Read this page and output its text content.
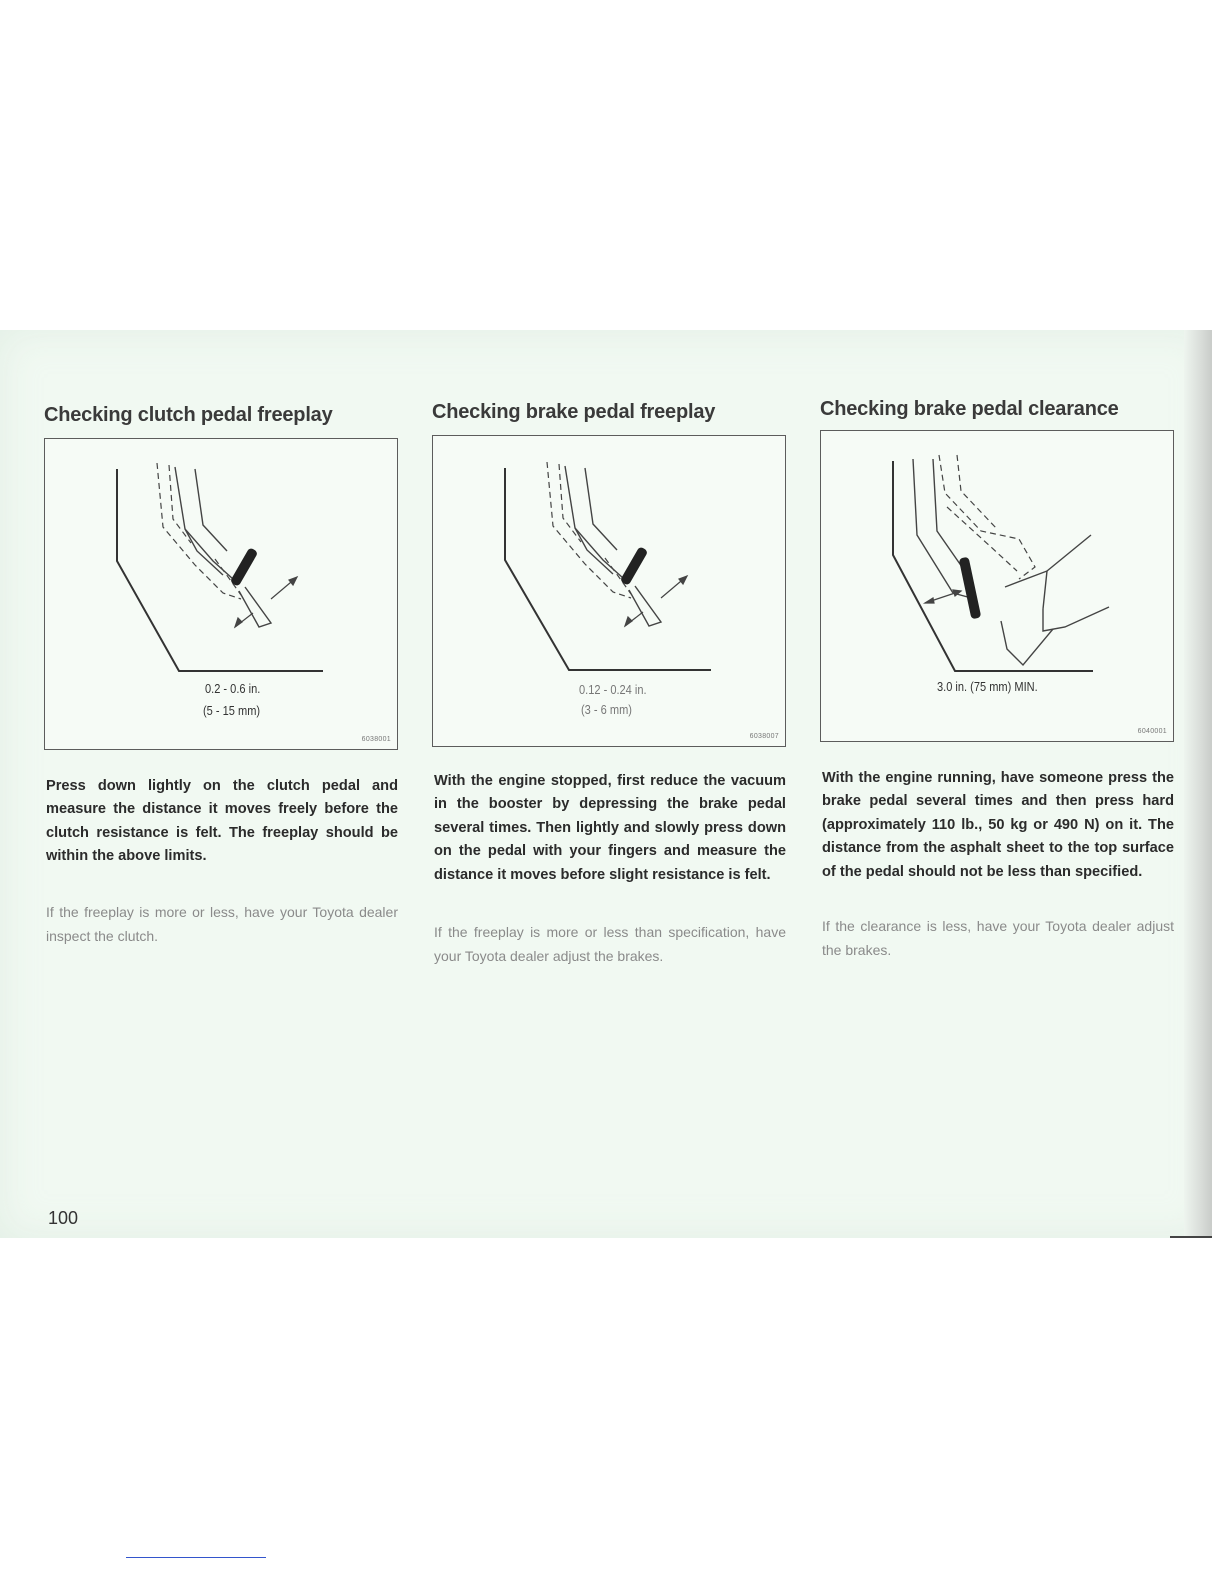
Checking clutch pedal freeplay
0.2 - 0.6 in.
(5 - 15 mm)
6038001

Press down lightly on the clutch pedal and measure the distance it moves freely before the clutch resistance is felt. The freeplay should be within the above limits.

If the freeplay is more or less, have your Toyota dealer inspect the clutch.

Checking brake pedal freeplay
0.12 - 0.24 in.
(3 - 6 mm)
6038007

With the engine stopped, first reduce the vacuum in the booster by depressing the brake pedal several times. Then lightly and slowly press down on the pedal with your fingers and measure the distance it moves before slight resistance is felt.

If the freeplay is more or less than specification, have your Toyota dealer adjust the brakes.

Checking brake pedal clearance
3.0 in. (75 mm) MIN.
6040001

With the engine running, have someone press the brake pedal several times and then press hard (approximately 110 lb., 50 kg or 490 N) on it. The distance from the asphalt sheet to the top surface of the pedal should not be less than specified.

If the clearance is less, have your Toyota dealer adjust the brakes.

100
